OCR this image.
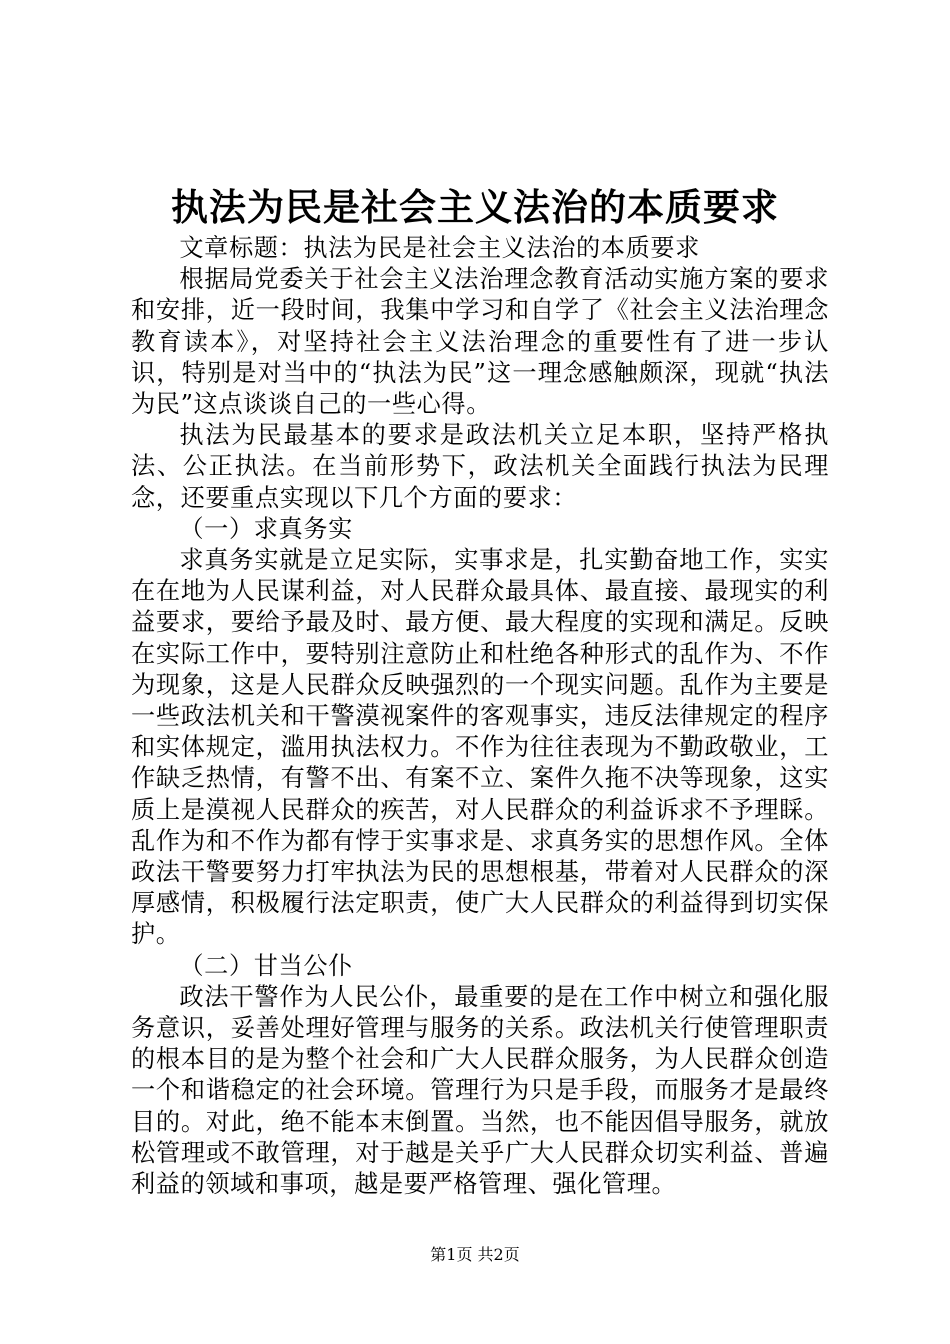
执法为民是社会主义法治的本质要求

文章标题：执法为民是社会主义法治的本质要求

根据局党委关于社会主义法治理念教育活动实施方案的要求和安排，近一段时间，我集中学习和自学了《社会主义法治理念教育读本》，对坚持社会主义法治理念的重要性有了进一步认识，特别是对当中的“执法为民”这一理念感触颇深，现就“执法为民”这点谈谈自己的一些心得。

执法为民最基本的要求是政法机关立足本职，坚持严格执法、公正执法。在当前形势下，政法机关全面践行执法为民理念，还要重点实现以下几个方面的要求：

（一）求真务实

求真务实就是立足实际，实事求是，扎实勤奋地工作，实实在在地为人民谋利益，对人民群众最具体、最直接、最现实的利益要求，要给予最及时、最方便、最大程度的实现和满足。反映在实际工作中，要特别注意防止和杜绝各种形式的乱作为、不作为现象，这是人民群众反映强烈的一个现实问题。乱作为主要是一些政法机关和干警漠视案件的客观事实，违反法律规定的程序和实体规定，滥用执法权力。不作为往往表现为不勤政敬业，工作缺乏热情，有警不出、有案不立、案件久拖不决等现象，这实质上是漠视人民群众的疾苦，对人民群众的利益诉求不予理睬。乱作为和不作为都有悖于实事求是、求真务实的思想作风。全体政法干警要努力打牢执法为民的思想根基，带着对人民群众的深厚感情，积极履行法定职责，使广大人民群众的利益得到切实保护。

（二）甘当公仆

政法干警作为人民公仆，最重要的是在工作中树立和强化服务意识，妥善处理好管理与服务的关系。政法机关行使管理职责的根本目的是为整个社会和广大人民群众服务，为人民群众创造一个和谐稳定的社会环境。管理行为只是手段，而服务才是最终目的。对此，绝不能本末倒置。当然，也不能因倡导服务，就放松管理或不敢管理，对于越是关乎广大人民群众切实利益、普遍利益的领域和事项，越是要严格管理、强化管理。

第1页 共2页
